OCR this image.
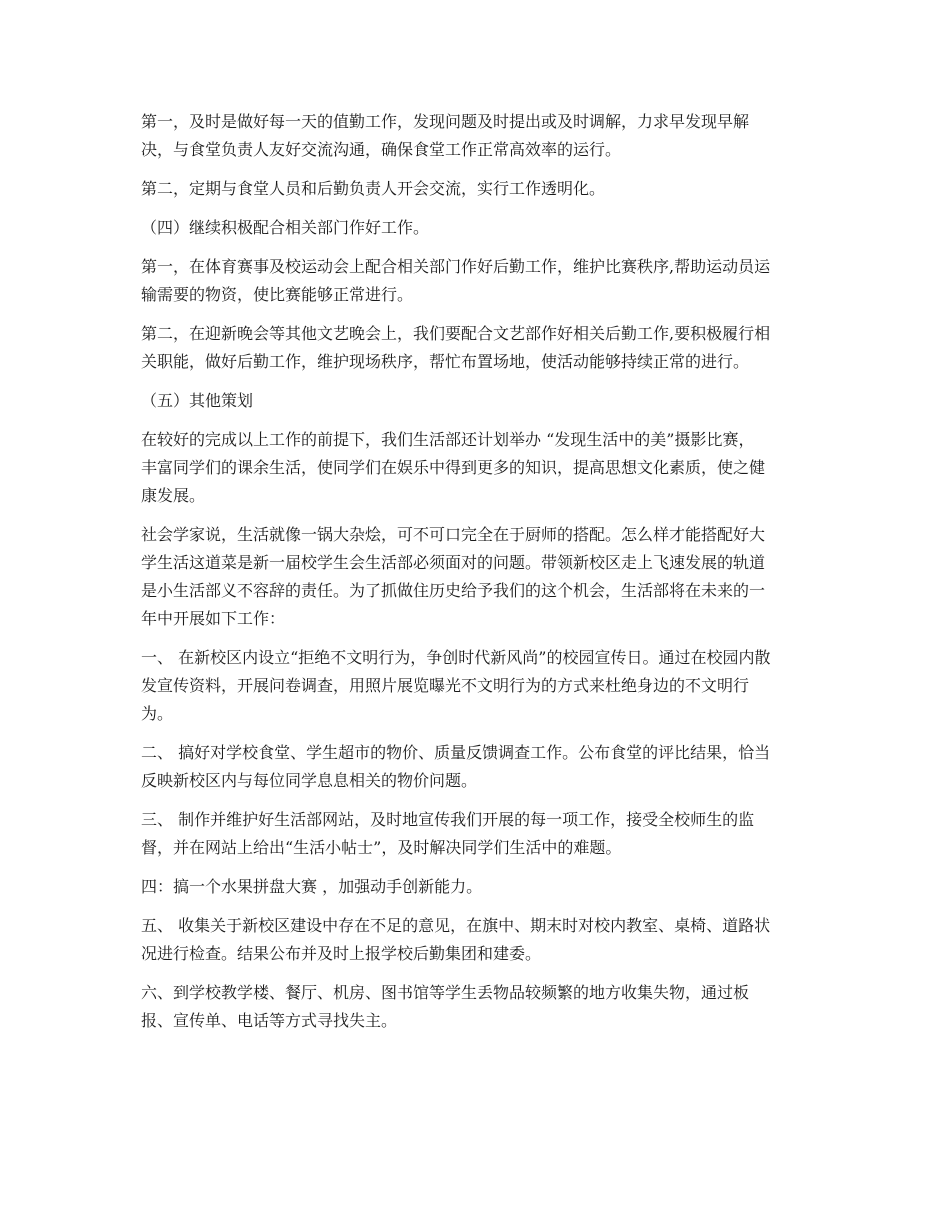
第一，及时是做好每一天的值勤工作，发现问题及时提出或及时调解，力求早发现早解
决，与食堂负责人友好交流沟通，确保食堂工作正常高效率的运行。
第二，定期与食堂人员和后勤负责人开会交流，实行工作透明化。
（四）继续积极配合相关部门作好工作。
第一，在体育赛事及校运动会上配合相关部门作好后勤工作，维护比赛秩序,帮助运动员运
输需要的物资，使比赛能够正常进行。
第二，在迎新晚会等其他文艺晚会上，我们要配合文艺部作好相关后勤工作,要积极履行相
关职能，做好后勤工作，维护现场秩序，帮忙布置场地，使活动能够持续正常的进行。
（五）其他策划
在较好的完成以上工作的前提下，我们生活部还计划举办 “发现生活中的美”摄影比赛，
丰富同学们的课余生活，使同学们在娱乐中得到更多的知识，提高思想文化素质，使之健
康发展。
社会学家说，生活就像一锅大杂烩，可不可口完全在于厨师的搭配。怎么样才能搭配好大
学生活这道菜是新一届校学生会生活部必须面对的问题。带领新校区走上飞速发展的轨道
是小生活部义不容辞的责任。为了抓做住历史给予我们的这个机会，生活部将在未来的一
年中开展如下工作：
一、 在新校区内设立“拒绝不文明行为，争创时代新风尚”的校园宣传日。通过在校园内散
发宣传资料，开展问卷调查，用照片展览曝光不文明行为的方式来杜绝身边的不文明行
为。
二、 搞好对学校食堂、学生超市的物价、质量反馈调查工作。公布食堂的评比结果，恰当
反映新校区内与每位同学息息相关的物价问题。
三、 制作并维护好生活部网站，及时地宣传我们开展的每一项工作，接受全校师生的监
督，并在网站上给出“生活小帖士”，及时解决同学们生活中的难题。
四：搞一个水果拼盘大赛 ，加强动手创新能力。
五、 收集关于新校区建设中存在不足的意见，在旗中、期末时对校内教室、桌椅、道路状
况进行检查。结果公布并及时上报学校后勤集团和建委。
六、到学校教学楼、餐厅、机房、图书馆等学生丢物品较频繁的地方收集失物，通过板
报、宣传单、电话等方式寻找失主。
